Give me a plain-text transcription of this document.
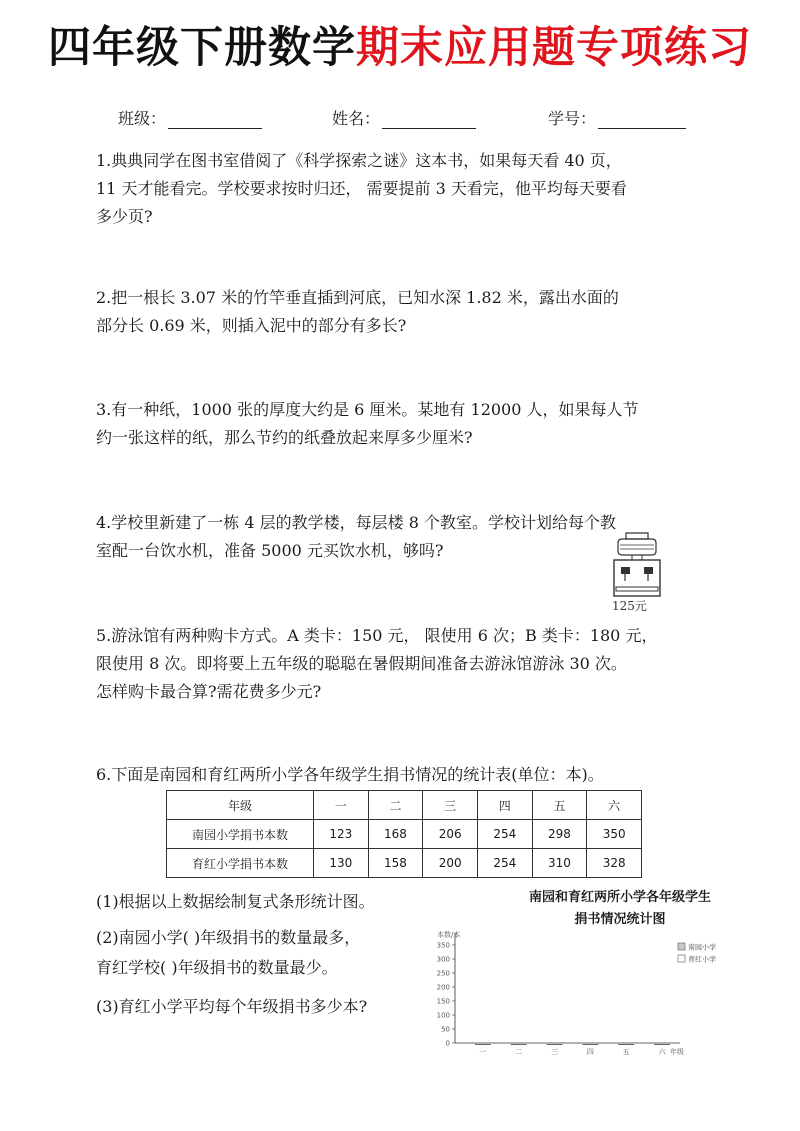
四年级下册数学期末应用题专项练习
班级：	姓名：	学号：

1.典典同学在图书室借阅了《科学探索之谜》这本书，如果每天看 40 页，
11 天才能看完。学校要求按时归还， 需要提前 3 天看完，他平均每天要看
多少页?

2.把一根长 3.07 米的竹竿垂直插到河底，已知水深 1.82 米，露出水面的
部分长 0.69 米，则插入泥中的部分有多长?

3.有一种纸，1000 张的厚度大约是 6 厘米。某地有 12000 人，如果每人节
约一张这样的纸，那么节约的纸叠放起来厚多少厘米?

4.学校里新建了一栋 4 层的教学楼，每层楼 8 个教室。学校计划给每个教
室配一台饮水机，准备 5000 元买饮水机，够吗?

125元

5.游泳馆有两种购卡方式。A 类卡：150 元， 限使用 6 次；B 类卡：180 元，
限使用 8 次。即将要上五年级的聪聪在暑假期间准备去游泳馆游泳 30 次。
怎样购卡最合算?需花费多少元?

6.下面是南园和育红两所小学各年级学生捐书情况的统计表(单位：本)。

年级	一	二	三	四	五	六
南园小学捐书本数	123	168	206	254	298	350
育红小学捐书本数	130	158	200	254	310	328
(1)根据以上数据绘制复式条形统计图。
(2)南园小学( )年级捐书的数量最多，
育红学校( )年级捐书的数量最少。
(3)育红小学平均每个年级捐书多少本?
南园和育红两所小学各年级学生
捐书情况统计图
本数/本
年级
0
50
100
150
200
250
300
350
一	二	三	四	五	六
南园小学
育红小学
